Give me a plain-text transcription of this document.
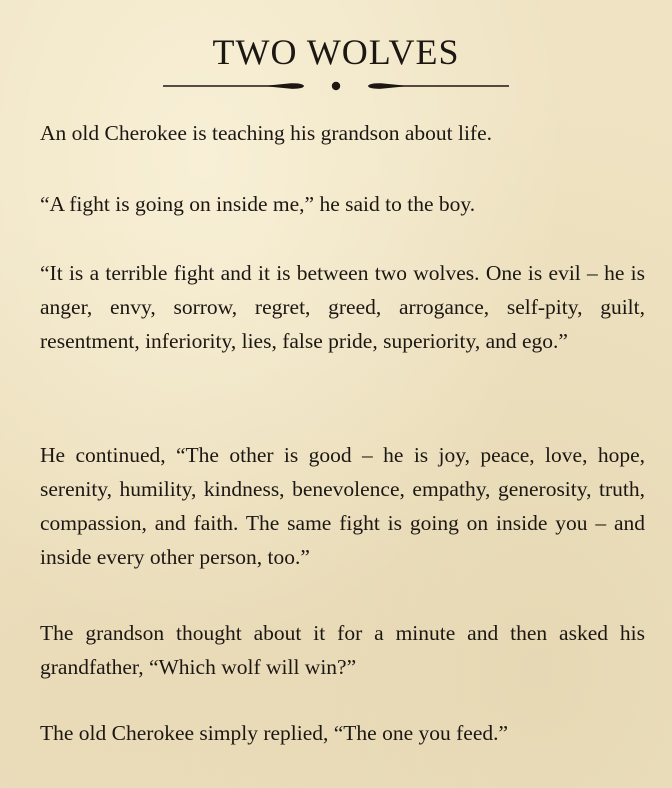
TWO WOLVES

An old Cherokee is teaching his grandson about life.

“A fight is going on inside me,” he said to the boy.

“It is a terrible fight and it is between two wolves. One is evil – he is anger, envy, sorrow, regret, greed, arrogance, self-pity, guilt, resentment, inferiority, lies, false pride, superiority, and ego.”

He continued, “The other is good – he is joy, peace, love, hope, serenity, humility, kindness, benevolence, empathy, generosity, truth, compassion, and faith. The same fight is going on inside you – and inside every other person, too.”

The grandson thought about it for a minute and then asked his grandfather, “Which wolf will win?”

The old Cherokee simply replied, “The one you feed.”
